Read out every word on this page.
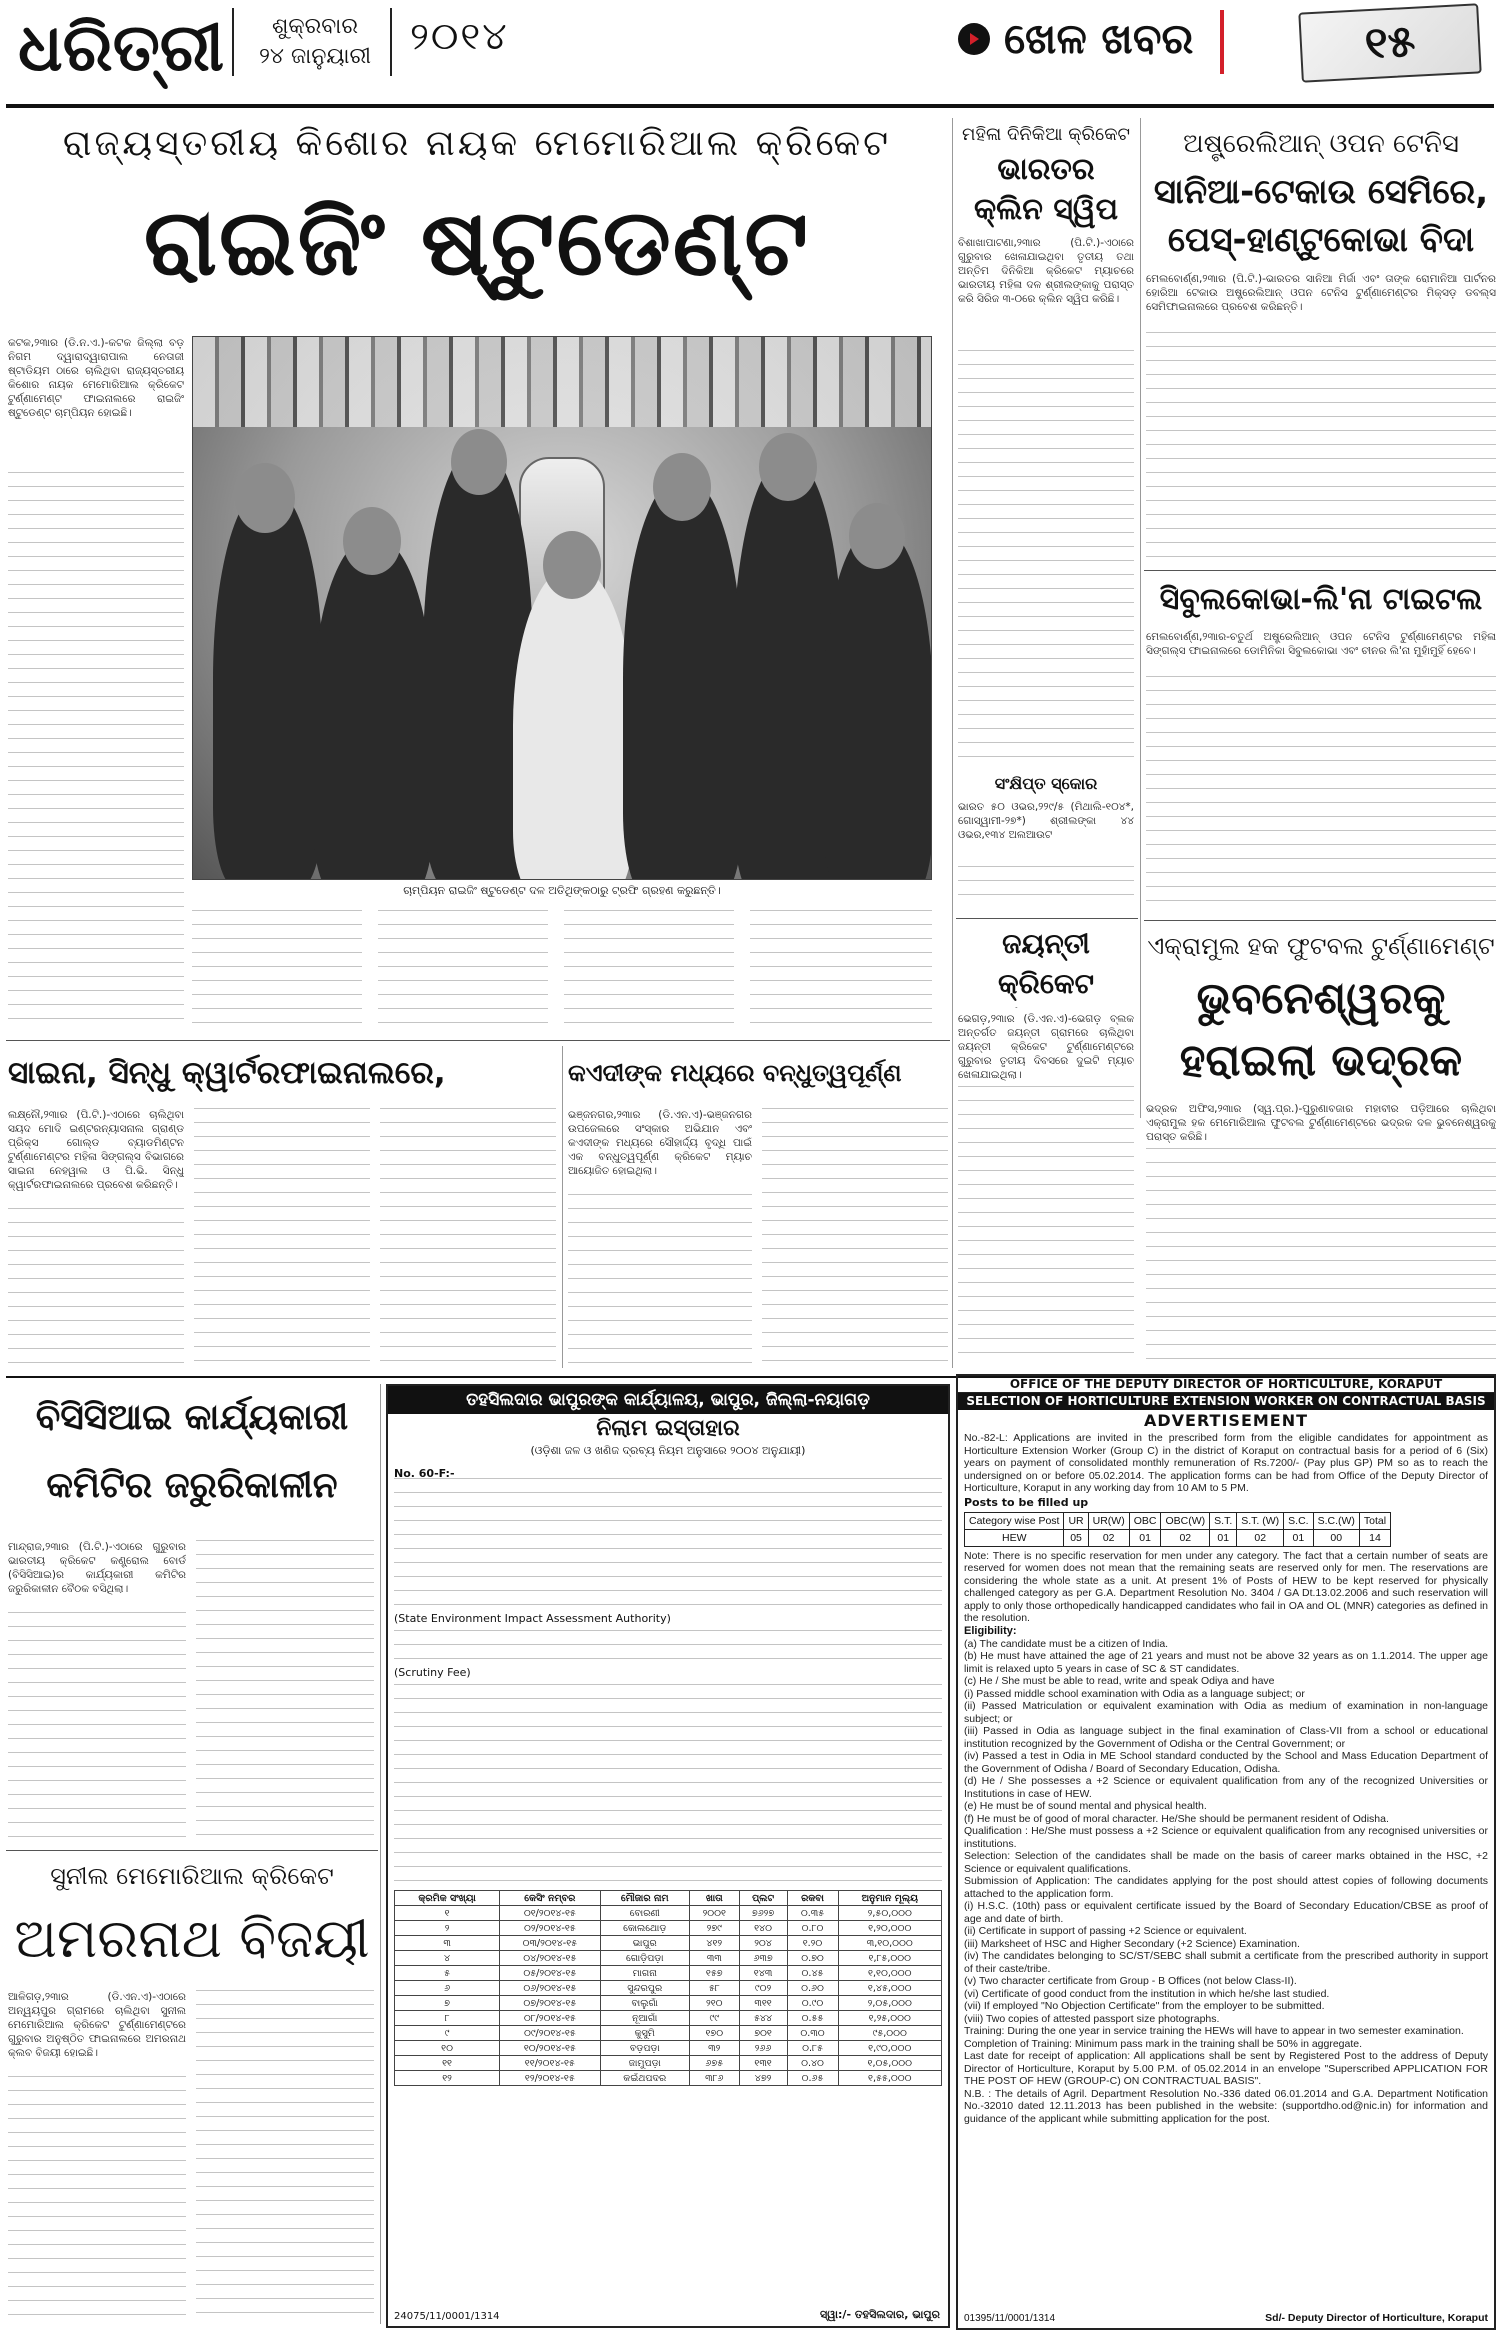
ଧରିତ୍ରୀ	ଶୁକ୍ରବାର
୨୪ ଜାନୁୟାରୀ ୨୦୧୪	ଖେଳ ଖବର	୧୫
ରାଜ୍ୟସ୍ତରୀୟ କିଶୋର ନାୟକ ମେମୋରିଆଲ କ୍ରିକେଟ
ରାଇଜିଂ ଷ୍ଟୁଡେଣ୍ଟ
କଟକ,୨୩ାର (ଡି.ନ.ଏ.)-କଟକ ଜିଲ୍ଲା ବଡ଼ ନିଗମ ଦ୍ୱାରାଦ୍ୱାରାପାଲ ନେତାଜୀ ଷ୍ଟାଡିୟମ ଠାରେ ଚାଲିଥିବା ରାଜ୍ୟସ୍ତରୀୟ କିଶୋର ନାୟକ ମେମୋରିଆଲ କ୍ରିକେଟ ଟୁର୍ଣ୍ଣାମେଣ୍ଟ ଫାଇନାଲରେ ରାଇଜିଂ ଷ୍ଟୁଡେଣ୍ଟ ଚାମ୍ପିୟନ ହୋଇଛି।
ଚାମ୍ପିୟନ ରାଇଜିଂ ଷ୍ଟୁଡେଣ୍ଟ ଦଳ ଅତିଥିଙ୍କଠାରୁ ଟ୍ରଫି ଗ୍ରହଣ କରୁଛନ୍ତି।
ମହିଳା ଦିନିକିଆ କ୍ରିକେଟ
ଭାରତର କ୍ଲିନ ସ୍ୱିପ
ବିଶାଖାପାଟଣା,୨୩ାର (ପି.ଟି.)-ଏଠାରେ ଗୁରୁବାର ଖେଳାଯାଇଥିବା ତୃତୀୟ ତଥା ଅନ୍ତିମ ଦିନିକିଆ କ୍ରିକେଟ ମ୍ୟାଚରେ ଭାରତୀୟ ମହିଳା ଦଳ ଶ୍ରୀଲଙ୍କାକୁ ପରାସ୍ତ କରି ସିରିଜ ୩-୦ରେ କ୍ଲିନ ସ୍ୱିପ କରିଛି।
ସଂକ୍ଷିପ୍ତ ସ୍କୋର
ଭାରତ ୫୦ ଓଭର,୨୨୯/୫ (ମିଥାଲି-୧୦୪*, ଗୋସ୍ୱାମୀ-୨୭*) ଶ୍ରୀଲଙ୍କା ୪୪ ଓଭର,୧୩୪ ଅଲଆଉଟ
ଜୟନ୍ତୀ କ୍ରିକେଟ
ଭେଗଡ଼,୨୩ାର (ଡି.ଏନ.ଏ)-ଭେଗଡ଼ ବ୍ଲକ ଅନ୍ତର୍ଗତ ଜୟନ୍ତୀ ଗ୍ରାମରେ ଚାଲିଥିବା ଜୟନ୍ତୀ କ୍ରିକେଟ ଟୁର୍ଣ୍ଣାମେଣ୍ଟରେ ଗୁରୁବାର ତୃତୀୟ ଦିବସରେ ଦୁଇଟି ମ୍ୟାଚ ଖେଳାଯାଇଥିଲା।
ଅଷ୍ଟ୍ରେଲିଆନ୍ ଓପନ ଟେନିସ
ସାନିଆ-ଟେକାଉ ସେମିରେ, ପେସ୍-ହାଣ୍ଟୁକୋଭା ବିଦା
ମେଲବୋର୍ଣ୍ଣ,୨୩ାର (ପି.ଟି.)-ଭାରତର ସାନିଆ ମିର୍ଜା ଏବଂ ତାଙ୍କ ରୋମାନିଆ ପାର୍ଟନର ହୋରିଆ ଟେକାଉ ଅଷ୍ଟ୍ରେଲିଆନ୍ ଓପନ ଟେନିସ ଟୁର୍ଣ୍ଣାମେଣ୍ଟର ମିକ୍ସଡ଼ ଡବଲ୍ସ ସେମିଫାଇନାଲରେ ପ୍ରବେଶ କରିଛନ୍ତି।
ସିବୁଲକୋଭା-ଲି'ନା ଟାଇଟଲ
ମେଲବୋର୍ଣ୍ଣ,୨୩ାର-ଚତୁର୍ଥ ଅଷ୍ଟ୍ରେଲିଆନ୍ ଓପନ ଟେନିସ ଟୁର୍ଣ୍ଣାମେଣ୍ଟର ମହିଳା ସିଙ୍ଗଲ୍ସ ଫାଇନାଲରେ ଡୋମିନିକା ସିବୁଲକୋଭା ଏବଂ ଚୀନର ଲି'ନା ମୁହାଁମୁହିଁ ହେବେ।
ଏକ୍ରାମୁଲ ହକ ଫୁଟବଲ ଟୁର୍ଣ୍ଣାମେଣ୍ଟ
ଭୁବନେଶ୍ୱରକୁ ହରାଇଲା ଭଦ୍ରକ
ଭଦ୍ରକ ଅଫିସ,୨୩ାର (ସ୍ୱ.ପ୍ର.)-ପୁରୁଣାବଜାର ମହାବୀର ପଡ଼ିଆରେ ଚାଲିଥିବା ଏକ୍ରାମୁଲ ହକ ମେମୋରିଆଲ ଫୁଟବଲ ଟୁର୍ଣ୍ଣାମେଣ୍ଟରେ ଭଦ୍ରକ ଦଳ ଭୁବନେଶ୍ୱରକୁ ପରାସ୍ତ କରିଛି।
ସାଇନା, ସିନ୍ଧୁ କ୍ୱାର୍ଟରଫାଇନାଲରେ,
ଲକ୍ଷ୍ନୌ,୨୩ାର (ପି.ଟି.)-ଏଠାରେ ଚାଲିଥିବା ସୟଦ ମୋଦି ଇଣ୍ଟରନ୍ୟାସନାଲ ଗ୍ରାଣ୍ଡ ପ୍ରିକ୍ସ ଗୋଲ୍ଡ ବ୍ୟାଡମିଣ୍ଟନ ଟୁର୍ଣ୍ଣାମେଣ୍ଟର ମହିଳା ସିଙ୍ଗଲ୍ସ ବିଭାଗରେ ସାଇନା ନେହୱାଲ ଓ ପି.ଭି. ସିନ୍ଧୁ କ୍ୱାର୍ଟରଫାଇନାଲରେ ପ୍ରବେଶ କରିଛନ୍ତି।
କଏଦୀଙ୍କ ମଧ୍ୟରେ ବନ୍ଧୁତ୍ୱପୂର୍ଣ୍ଣ
ଭଞ୍ଜନଗର,୨୩ାର (ଡି.ଏନ.ଏ)-ଭଞ୍ଜନଗର ଉପଜେଲରେ ସଂସ୍କାର ଅଭିଯାନ ଏବଂ କଏଦୀଙ୍କ ମଧ୍ୟରେ ସୌହାର୍ଦ୍ଦ୍ୟ ବୃଦ୍ଧି ପାଇଁ ଏକ ବନ୍ଧୁତ୍ୱପୂର୍ଣ୍ଣ କ୍ରିକେଟ ମ୍ୟାଚ ଆୟୋଜିତ ହୋଇଥିଲା।
ବିସିସିଆଇ କାର୍ଯ୍ୟକାରୀ କମିଟିର ଜରୁରିକାଳୀନ
ମାନ୍ଦ୍ରାଜ,୨୩ାର (ପି.ଟି.)-ଏଠାରେ ଗୁରୁବାର ଭାରତୀୟ କ୍ରିକେଟ କଣ୍ଟ୍ରୋଲ ବୋର୍ଡ (ବିସିସିଆଇ)ର କାର୍ଯ୍ୟକାରୀ କମିଟିର ଜରୁରିକାଳୀନ ବୈଠକ ବସିଥିଲା।
ସୁନୀଲ ମେମୋରିଆଲ କ୍ରିକେଟ
ଅମରନାଥ ବିଜୟୀ
ଆଳିଗଡ଼,୨୩ାର (ଡି.ଏନ.ଏ)-ଏଠାରେ ଅନ୍ୱୟପୁର ଗ୍ରାମରେ ଚାଲିଥିବା ସୁନୀଲ ମେମୋରିଆଲ କ୍ରିକେଟ ଟୁର୍ଣ୍ଣାମେଣ୍ଟରେ ଗୁରୁବାର ଅନୁଷ୍ଠିତ ଫାଇନାଲରେ ଅମରନାଥ କ୍ଲବ ବିଜୟୀ ହୋଇଛି।
ତହସିଲଦାର ଭାପୁରଙ୍କ କାର୍ଯ୍ୟାଳୟ, ଭାପୁର, ଜିଲ୍ଲା-ନୟାଗଡ଼
ନିଲାମ ଇସ୍ତାହାର
(ଓଡ଼ିଶା ଜଳ ଓ ଖଣିଜ ଦ୍ରବ୍ୟ ନିୟମ ଅନୁସାରେ ୨୦୦୪ ଅନୁଯାୟୀ)
No. 60-F:-
(State Environment Impact Assessment Authority)
(Scrutiny Fee)
କ୍ରମିକ ସଂଖ୍ୟା	କେସିଂ ନମ୍ବର	ମୌଜାର ନାମ	ଖାତା	ପ୍ଲଟ	ରକବା	ଅନୁମାନ ମୂଲ୍ୟ
୧	୦୧/୨୦୧୪-୧୫	ବୋରଣୀ	୨୦୦୧	୭୬୨୭	୦.୩୫	୨,୫୦,୦୦୦
୨	୦୨/୨୦୧୪-୧୫	କୋଲଥୋଡ଼	୨୭୯	୧୪୦	୦.୮୦	୧,୨୦,୦୦୦
୩	୦୩/୨୦୧୪-୧୫	ଭାପୁର	୪୧୨	୨୦୪	୧.୨୦	୩,୧୦,୦୦୦
୪	୦୪/୨୦୧୪-୧୫	ଗୋଡ଼ିପଡ଼ା	୩୩	୬୩୭	୦.୭୦	୧,୮୫,୦୦୦
୫	୦୫/୨୦୧୪-୧୫	ମାଗନା	୧୫୭	୧୪୩	୦.୪୫	୧,୧୦,୦୦୦
୬	୦୬/୨୦୧୪-୧୫	ସୁନ୍ଦରପୁର	୫୮	୯୦୨	୦.୬୦	୧,୪୫,୦୦୦
୭	୦୭/୨୦୧୪-୧୫	ବାଲୁଗାଁ	୨୧୦	୩୧୧	୦.୯୦	୨,୦୫,୦୦୦
୮	୦୮/୨୦୧୪-୧୫	ନୂଆଗାଁ	୯୯	୫୪୪	୦.୫୫	୧,୨୫,୦୦୦
୯	୦୯/୨୦୧୪-୧୫	କୁସୁମି	୧୭୦	୭୦୧	୦.୩୦	୯୫,୦୦୦
୧୦	୧୦/୨୦୧୪-୧୫	ବଡ଼ପଡ଼ା	୩୨	୨୬୬	୦.୮୫	୧,୯୦,୦୦୦
୧୧	୧୧/୨୦୧୪-୧୫	ଜାମୁପଡ଼ା	୬୭୫	୧୩୧	୦.୪୦	୧,୦୫,୦୦୦
୧୨	୧୨/୨୦୧୪-୧୫	କଇଁଥପଦର	୩୮୬	୪୭୨	୦.୬୫	୧,୫୫,୦୦୦
24075/11/0001/1314	ସ୍ୱା:/- ତହସିଲଦାର, ଭାପୁର
OFFICE OF THE DEPUTY DIRECTOR OF HORTICULTURE, KORAPUT
SELECTION OF HORTICULTURE EXTENSION WORKER ON CONTRACTUAL BASIS
ADVERTISEMENT
No.-82-L: Applications are invited in the prescribed form from the eligible candidates for appointment as Horticulture Extension Worker (Group C) in the district of Koraput on contractual basis for a period of 6 (Six) years on payment of consolidated monthly remuneration of Rs.7200/- (Pay plus GP) PM so as to reach the undersigned on or before 05.02.2014. The application forms can be had from Office of the Deputy Director of Horticulture, Koraput in any working day from 10 AM to 5 PM.
Posts to be filled up
Category wise Post	UR	UR(W)	OBC	OBC(W)	S.T.	S.T. (W)	S.C.	S.C.(W)	Total
HEW	05	02	01	02	01	02	01	00	14
Note: There is no specific reservation for men under any category. The fact that a certain number of seats are reserved for women does not mean that the remaining seats are reserved only for men. The reservations are considering the whole state as a unit. At present 1% of Posts of HEW to be kept reserved for physically challenged category as per G.A. Department Resolution No. 3404 / GA Dt.13.02.2006 and such reservation will apply to only those orthopedically handicapped candidates who fail in OA and OL (MNR) categories as defined in the resolution.
Eligibility:
(a) The candidate must be a citizen of India.
(b) He must have attained the age of 21 years and must not be above 32 years as on 1.1.2014. The upper age limit is relaxed upto 5 years in case of SC & ST candidates.
(c) He / She must be able to read, write and speak Odiya and have
(i) Passed middle school examination with Odia as a language subject; or
(ii) Passed Matriculation or equivalent examination with Odia as medium of examination in non-language subject; or
(iii) Passed in Odia as language subject in the final examination of Class-VII from a school or educational institution recognized by the Government of Odisha or the Central Government; or
(iv) Passed a test in Odia in ME School standard conducted by the School and Mass Education Department of the Government of Odisha / Board of Secondary Education, Odisha.
(d) He / She possesses a +2 Science or equivalent qualification from any of the recognized Universities or Institutions in case of HEW.
(e) He must be of sound mental and physical health.
(f) He must be of good of moral character. He/She should be permanent resident of Odisha.
Qualification : He/She must possess a +2 Science or equivalent qualification from any recognised universities or institutions.
Selection: Selection of the candidates shall be made on the basis of career marks obtained in the HSC, +2 Science or equivalent qualifications.
Submission of Application: The candidates applying for the post should attest copies of following documents attached to the application form.
(i) H.S.C. (10th) pass or equivalent certificate issued by the Board of Secondary Education/CBSE as proof of age and date of birth.
(ii) Certificate in support of passing +2 Science or equivalent.
(iii) Marksheet of HSC and Higher Secondary (+2 Science) Examination.
(iv) The candidates belonging to SC/ST/SEBC shall submit a certificate from the prescribed authority in support of their caste/tribe.
(v) Two character certificate from Group - B Offices (not below Class-II).
(vi) Certificate of good conduct from the institution in which he/she last studied.
(vii) If employed "No Objection Certificate" from the employer to be submitted.
(viii) Two copies of attested passport size photographs.
Training: During the one year in service training the HEWs will have to appear in two semester examination.
Completion of Training: Minimum pass mark in the training shall be 50% in aggregate.
Last date for receipt of application: All applications shall be sent by Registered Post to the address of Deputy Director of Horticulture, Koraput by 5.00 P.M. of 05.02.2014 in an envelope "Superscribed APPLICATION FOR THE POST OF HEW (GROUP-C) ON CONTRACTUAL BASIS".
N.B. : The details of Agril. Department Resolution No.-336 dated 06.01.2014 and G.A. Department Notification No.-32010 dated 12.11.2013 has been published in the website: (supportdho.od@nic.in) for information and guidance of the applicant while submitting application for the post.
01395/11/0001/1314	Sd/- Deputy Director of Horticulture, Koraput
